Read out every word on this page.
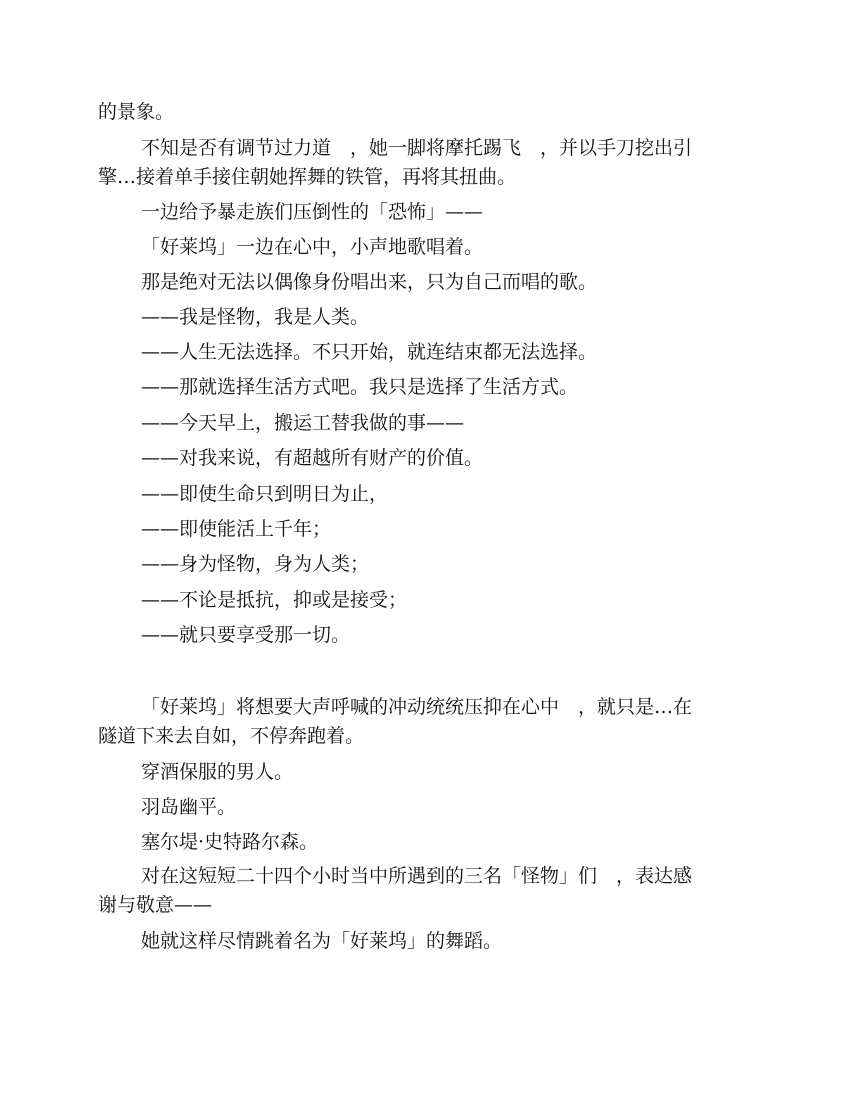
的景象。

不知是否有调节过力道　，她一脚将摩托踢飞　，并以手刀挖出引
擎…接着单手接住朝她挥舞的铁管，再将其扭曲。

一边给予暴走族们压倒性的「恐怖」——

「好莱坞」一边在心中，小声地歌唱着。

那是绝对无法以偶像身份唱出来，只为自己而唱的歌。

——我是怪物，我是人类。

——人生无法选择。不只开始，就连结束都无法选择。

——那就选择生活方式吧。我只是选择了生活方式。

——今天早上，搬运工替我做的事——

——对我来说，有超越所有财产的价值。

——即使生命只到明日为止，

——即使能活上千年；

——身为怪物，身为人类；

——不论是抵抗，抑或是接受；

——就只要享受那一切。

「好莱坞」将想要大声呼喊的冲动统统压抑在心中　，就只是…在
隧道下来去自如，不停奔跑着。

穿酒保服的男人。

羽岛幽平。

塞尔堤·史特路尔森。

对在这短短二十四个小时当中所遇到的三名「怪物」们　，表达感
谢与敬意——

她就这样尽情跳着名为「好莱坞」的舞蹈。
